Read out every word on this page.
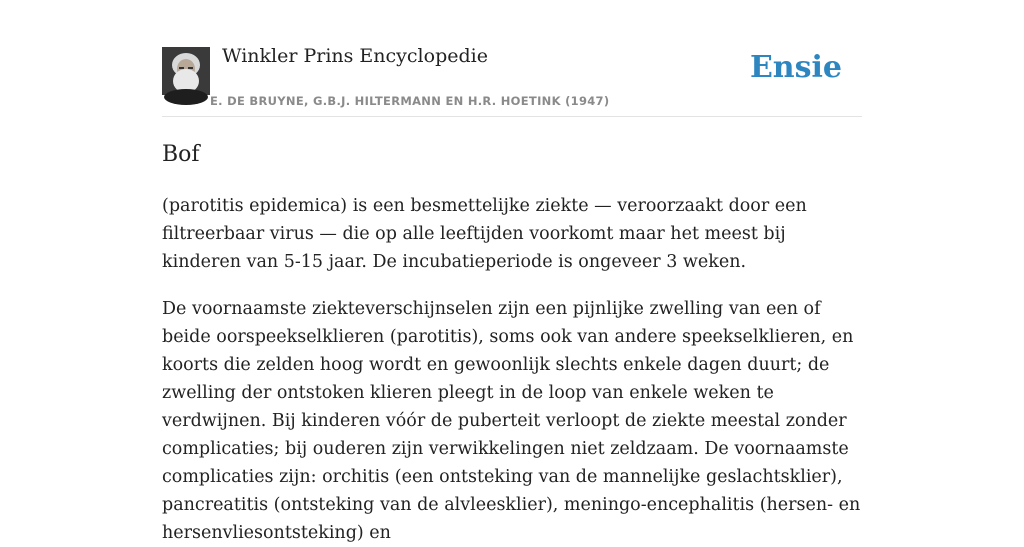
Winkler Prins Encyclopedie
E. DE BRUYNE, G.B.J. HILTERMANN EN H.R. HOETINK (1947)
Ensie
Bof

(parotitis epidemica) is een besmettelijke ziekte — veroorzaakt door een filtreerbaar virus — die op alle leeftijden voorkomt maar het meest bij kinderen van 5-15 jaar. De incubatieperiode is ongeveer 3 weken.

De voornaamste ziekteverschijnselen zijn een pijnlijke zwelling van een of beide oorspeekselklieren (parotitis), soms ook van andere speekselklieren, en koorts die zelden hoog wordt en gewoonlijk slechts enkele dagen duurt; de zwelling der ontstoken klieren pleegt in de loop van enkele weken te verdwijnen. Bij kinderen vóór de puberteit verloopt de ziekte meestal zonder complicaties; bij ouderen zijn verwikkelingen niet zeldzaam. De voornaamste complicaties zijn: orchitis (een ontsteking van de mannelijke geslachtsklier), pancreatitis (ontsteking van de alvleesklier), meningo-encephalitis (hersen- en hersenvliesontsteking) en
